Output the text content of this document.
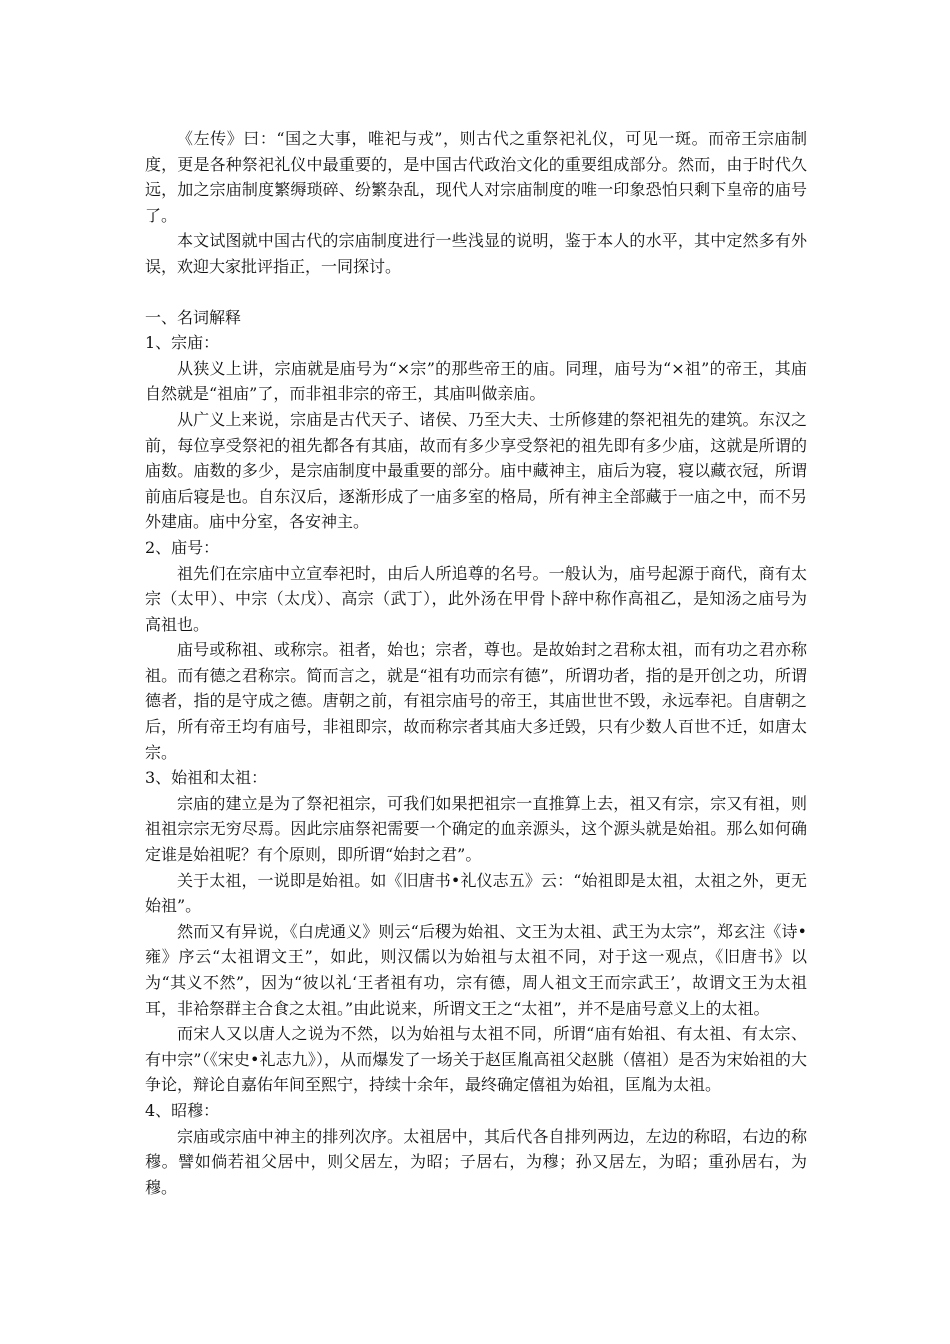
《左传》曰：“国之大事，唯祀与戎”，则古代之重祭祀礼仪，可见一斑。而帝王宗庙制度，更是各种祭祀礼仪中最重要的，是中国古代政治文化的重要组成部分。然而，由于时代久远，加之宗庙制度繁缛琐碎、纷繁杂乱，现代人对宗庙制度的唯一印象恐怕只剩下皇帝的庙号了。

本文试图就中国古代的宗庙制度进行一些浅显的说明，鉴于本人的水平，其中定然多有外误，欢迎大家批评指正，一同探讨。

一、名词解释

1、宗庙：

从狭义上讲，宗庙就是庙号为“×宗”的那些帝王的庙。同理，庙号为“×祖”的帝王，其庙自然就是“祖庙”了，而非祖非宗的帝王，其庙叫做亲庙。

从广义上来说，宗庙是古代天子、诸侯、乃至大夫、士所修建的祭祀祖先的建筑。东汉之前，每位享受祭祀的祖先都各有其庙，故而有多少享受祭祀的祖先即有多少庙，这就是所谓的庙数。庙数的多少，是宗庙制度中最重要的部分。庙中藏神主，庙后为寝，寝以藏衣冠，所谓前庙后寝是也。自东汉后，逐渐形成了一庙多室的格局，所有神主全部藏于一庙之中，而不另外建庙。庙中分室，各安神主。

2、庙号：

祖先们在宗庙中立宣奉祀时，由后人所追尊的名号。一般认为，庙号起源于商代，商有太宗（太甲）、中宗（太戊）、高宗（武丁），此外汤在甲骨卜辞中称作高祖乙，是知汤之庙号为高祖也。

庙号或称祖、或称宗。祖者，始也；宗者，尊也。是故始封之君称太祖，而有功之君亦称祖。而有德之君称宗。简而言之，就是“祖有功而宗有德”，所谓功者，指的是开创之功，所谓德者，指的是守成之德。唐朝之前，有祖宗庙号的帝王，其庙世世不毁，永远奉祀。自唐朝之后，所有帝王均有庙号，非祖即宗，故而称宗者其庙大多迁毁，只有少数人百世不迁，如唐太宗。

3、始祖和太祖：

宗庙的建立是为了祭祀祖宗，可我们如果把祖宗一直推算上去，祖又有宗，宗又有祖，则祖祖宗宗无穷尽焉。因此宗庙祭祀需要一个确定的血亲源头，这个源头就是始祖。那么如何确定谁是始祖呢？有个原则，即所谓“始封之君”。

关于太祖，一说即是始祖。如《旧唐书•礼仪志五》云：“始祖即是太祖，太祖之外，更无始祖”。

然而又有异说，《白虎通义》则云“后稷为始祖、文王为太祖、武王为太宗”，郑玄注《诗•雍》序云“太祖谓文王”，如此，则汉儒以为始祖与太祖不同，对于这一观点，《旧唐书》以为“其义不然”，因为“彼以礼‘王者祖有功，宗有德，周人祖文王而宗武王’，故谓文王为太祖耳，非袷祭群主合食之太祖。”由此说来，所谓文王之“太祖”，并不是庙号意义上的太祖。

而宋人又以唐人之说为不然，以为始祖与太祖不同，所谓“庙有始祖、有太祖、有太宗、有中宗”（《宋史•礼志九》），从而爆发了一场关于赵匡胤高祖父赵朓（僖祖）是否为宋始祖的大争论，辩论自嘉佑年间至熙宁，持续十余年，最终确定僖祖为始祖，匡胤为太祖。

4、昭穆：

宗庙或宗庙中神主的排列次序。太祖居中，其后代各自排列两边，左边的称昭，右边的称穆。譬如倘若祖父居中，则父居左，为昭；子居右，为穆；孙又居左，为昭；重孙居右，为穆。
